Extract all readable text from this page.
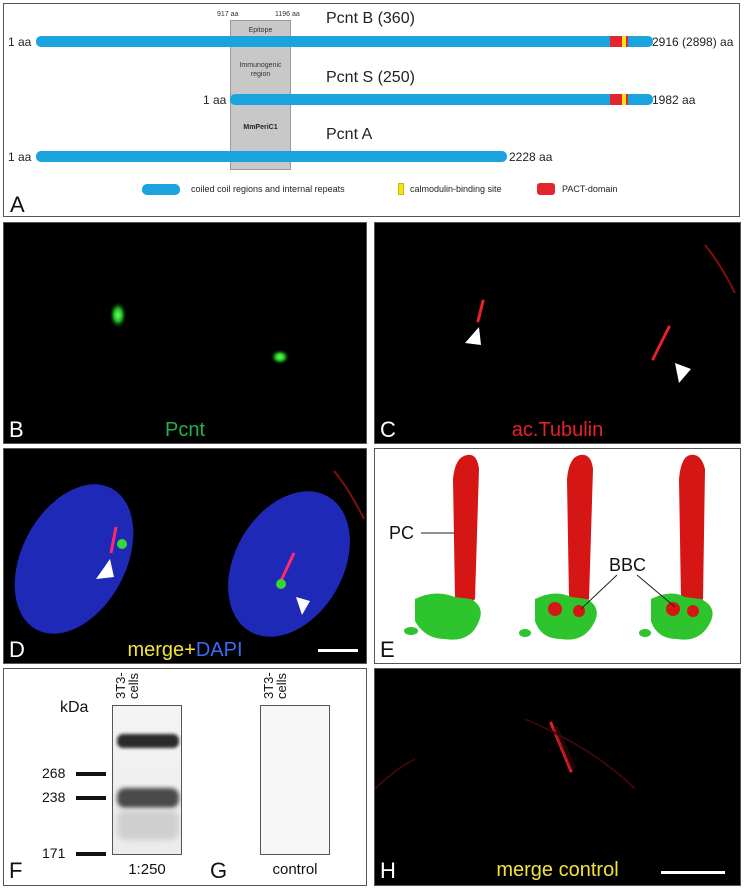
917 aa	1196 aa
Epitope
Immunogenic region
MmPeriC1
Pcnt B (360)
1 aa	2916 (2898) aa
Pcnt S (250)
1 aa	1982 aa
Pcnt A
1 aa	2228 aa
coiled coil regions and internal repeats	calmodulin-binding site	PACT-domain
A
Pcnt
B	ac.Tubulin
C
merge+DAPI
D
PC
BBC
E
kDa
268
238
171
3T3-cells
1:250
3T3-cells
control
F	G	merge control
H
